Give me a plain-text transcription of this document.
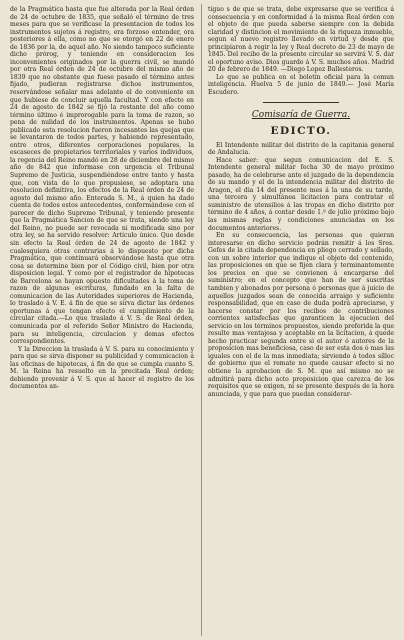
de la Pragmática hasta que fue alterada por la Real órden de 24 de octubre de 1835, que señaló el término de tres meses para que se verificase la presentacion de todos los instrumentos sujetos á registro, era forzoso entender, ora posteriores á ella, cómo no que se otorgó en 22 de enero de 1836 por la, de aquel año. No siendo tampoco suficiente dicho prórog, y teniendo en consideracion los inconvenientes originados por la guerra civil, se mandó por otra Real órden de 24 de octubre del mismo año de 1839 que no obstante que fuese pasado el término antes fijado, pudieran registrarse dichos instrumentos, reservándose señalar mas adelante el de conveniente en que hubiese de concluir aquella facultad. Y con efecto en 24 de agosto de 1842 se fijó la restante del año como término último é improrogable para la toma de razon, so pena de nulidad de los instrumentos. Apenas se hubo publicado esta resolucion fueron incesantes las quejas que se levantaron de todos partes, y habiendo representado, entre otros, diferentes corporaciones populares, la escaseces de propietarios territoriales y varios individuos, la regencia del Reino mandó en 28 de diciembre del mismo año de 842 que informase con urgencia el Tribunal Supremo de Justicia, suspendiéndose entre tanto y hasta que, con vista de lo que propusiese, se adoptara una resolucion definitiva, los efectos de la Real órden de 24 de agosto del mismo año. Enterada S. M., á quien ha dado cuenta de todos estos antecedentes, conformándose con el parecer de dicho Supremo Tribunal, y teniendo presente que la Pragmática Sancion de que se trata, siendo una ley del Reino, no puede ser revocada ni modificada sino por otra ley, se ha servido resolver: Artículo único. Que desde sin efecto la Real órden de 24 de agosto de 1842 y cualesquiera otras contrarias á lo dispuesto por dicha Pragmática, que continuará observándose hasta que otra cosa se determine bien por el Código civil, bien por otra disposicion legal. Y como por el registrador de hipotecas de Barcelona se hayan opuesto dificultades á la toma de razon de algunas escrituras, fundado en la falta de comunicacion de las Autoridades superiores de Hacienda, lo traslado á V. E. á fin de que se sirva dictar las órdenes oportunas á que tengan efecto el cumplimiento de la circular citada.—Lo que traslado á V. S. de Real órden, comunicada por el referido Señor Ministro de Hacienda, para su inteligencia, circulacion y demas efectos correspondientes.

Y la Direccion la traslada á V. S. para su conocimiento y para que se sirva disponer su publicidad y comunicacion á las oficinas de hipotecas, á fin de que se cumpla cuanto S. M. la Reina ha resuelto en la precitada Real órden; debiendo prevenir á V. S. que al hacer el registro de los documentos an-

tiguo s de que se trata, debe expresarse que se verifica á consecuencia y en conformidad á la misma Real órden con el objeto de que pueda saberse siempre con la debida claridad y distincion el movimiento de la riqueza inmueble, segun el nuevo registro llevado en virtud y desde que principiaron á regir la ley y Real decreto de 23 de mayo de 1845. Del recibo de la presente circular se servirá V. S. dar el oportuno aviso. Dios guarde á V. S. muchos años. Madrid 20 de febrero de 1849. —Diego Lopez Ballesteros.

Lo que se publica en el boletín oficial para la comun inteligencia. Huelva 5 de junio de 1849.— José María Escudero.

Comisaría de Guerra.
EDICTO.

El Intendente militar del distrito de la capitania general de Andalucia.

Hace saber: que segun comunicacion del E. S. Intendente general militar fecha 30 de mayo próximo pasado, ha de celebrarse ante el juzgado de la dependencia de su mando y el de la intendencia militar del distrito de Aragon, el dia 14 del presente mes á la una de su tarde, una tercera y simultánea licitacion para contratar el suministro de utensilios á las tropas en dicho distrito por término de 4 años, á contar desde 1.º de julio próximo bajo las mismas reglas y condiciones anunciadas en los documentos anteriores.

En su consecuencia, las personas que quieran interesarse en dicho servicio podrán remitir á los Sres. Gefes de la citada dependencia en pliego cerrado y sellado, con un sobre interior que indique el objeto del contenido, las proposiciones en que se fijen clara y terminantemente los precios en que se convienen á encargarse del suministro; en el concepto que han de ser suscritas tambien y abonados por persona ó personas que á juicio de aquellos juzgados sean de conocida arraigo y suficiente responsabilidad, que en caso de duda podrá apreciarse, y hacerse constar por los recibos de contribuciones corrientes satisfechas que garanticen la ejecucion del servicio en los términos propuestos, siendo preferida la que resulte mas ventajosa y aceptable en la licitacion, á quede hecho practicar segunda entre si el autor ó autores de la proposicion mas beneficiosa, caso de ser esta dos ó mas las iguales con el de la mas inmediata; sirviendo á todos sílloc de gobierno que el remate no quede causar efecto si no obtiene la aprobacion de S. M. que así mismo no se admitirá para dicho acto proposicion que carezca de los requisitos que se exigen, ni se presente después de la hora anunciada, y que para que puedan considerar-
